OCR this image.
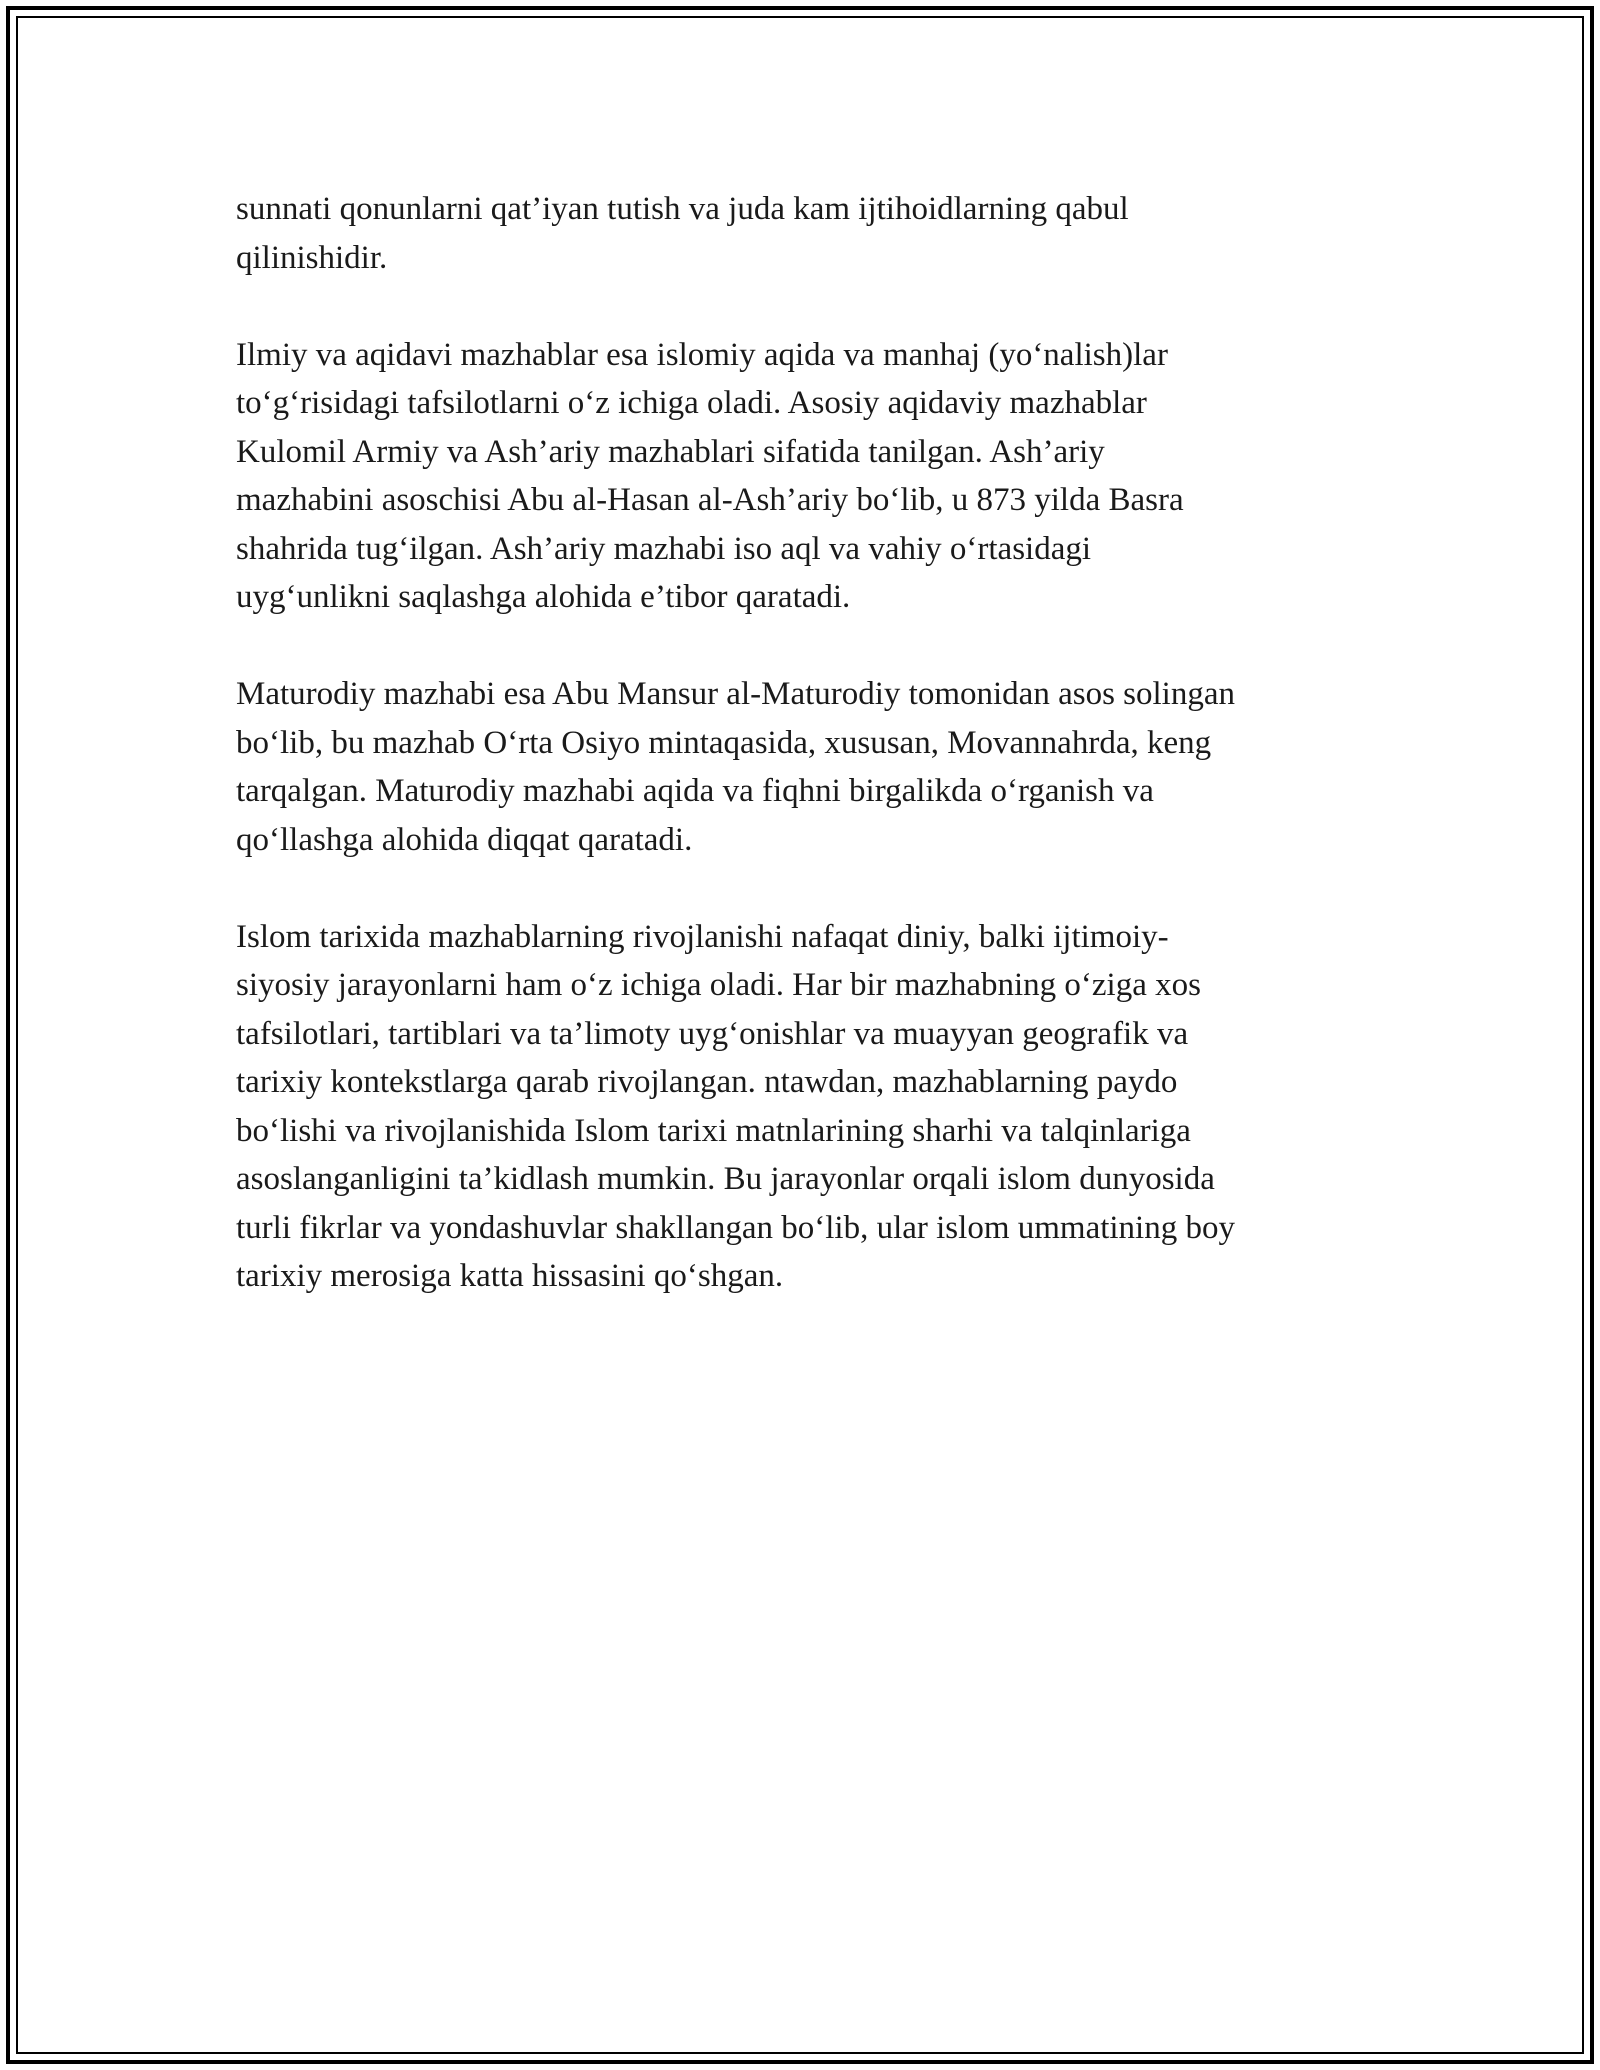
sunnati qonunlarni qat’iyan tutish va juda kam ijtihoidlarning qabul
qilinishidir.

Ilmiy va aqidavi mazhablar esa islomiy aqida va manhaj (yo‘nalish)lar
to‘g‘risidagi tafsilotlarni o‘z ichiga oladi. Asosiy aqidaviy mazhablar
Kulomil Armiy va Ash’ariy mazhablari sifatida tanilgan. Ash’ariy
mazhabini asoschisi Abu al-Hasan al-Ash’ariy bo‘lib, u 873 yilda Basra
shahrida tug‘ilgan. Ash’ariy mazhabi iso aql va vahiy o‘rtasidagi
uyg‘unlikni saqlashga alohida e’tibor qaratadi.

Maturodiy mazhabi esa Abu Mansur al-Maturodiy tomonidan asos solingan
bo‘lib, bu mazhab O‘rta Osiyo mintaqasida, xususan, Movannahrda, keng
tarqalgan. Maturodiy mazhabi aqida va fiqhni birgalikda o‘rganish va
qo‘llashga alohida diqqat qaratadi.

Islom tarixida mazhablarning rivojlanishi nafaqat diniy, balki ijtimoiy-
siyosiy jarayonlarni ham o‘z ichiga oladi. Har bir mazhabning o‘ziga xos
tafsilotlari, tartiblari va ta’limoty uyg‘onishlar va muayyan geografik va
tarixiy kontekstlarga qarab rivojlangan. ntawdan, mazhablarning paydo
bo‘lishi va rivojlanishida Islom tarixi matnlarining sharhi va talqinlariga
asoslanganligini ta’kidlash mumkin. Bu jarayonlar orqali islom dunyosida
turli fikrlar va yondashuvlar shakllangan bo‘lib, ular islom ummatining boy
tarixiy merosiga katta hissasini qo‘shgan.
